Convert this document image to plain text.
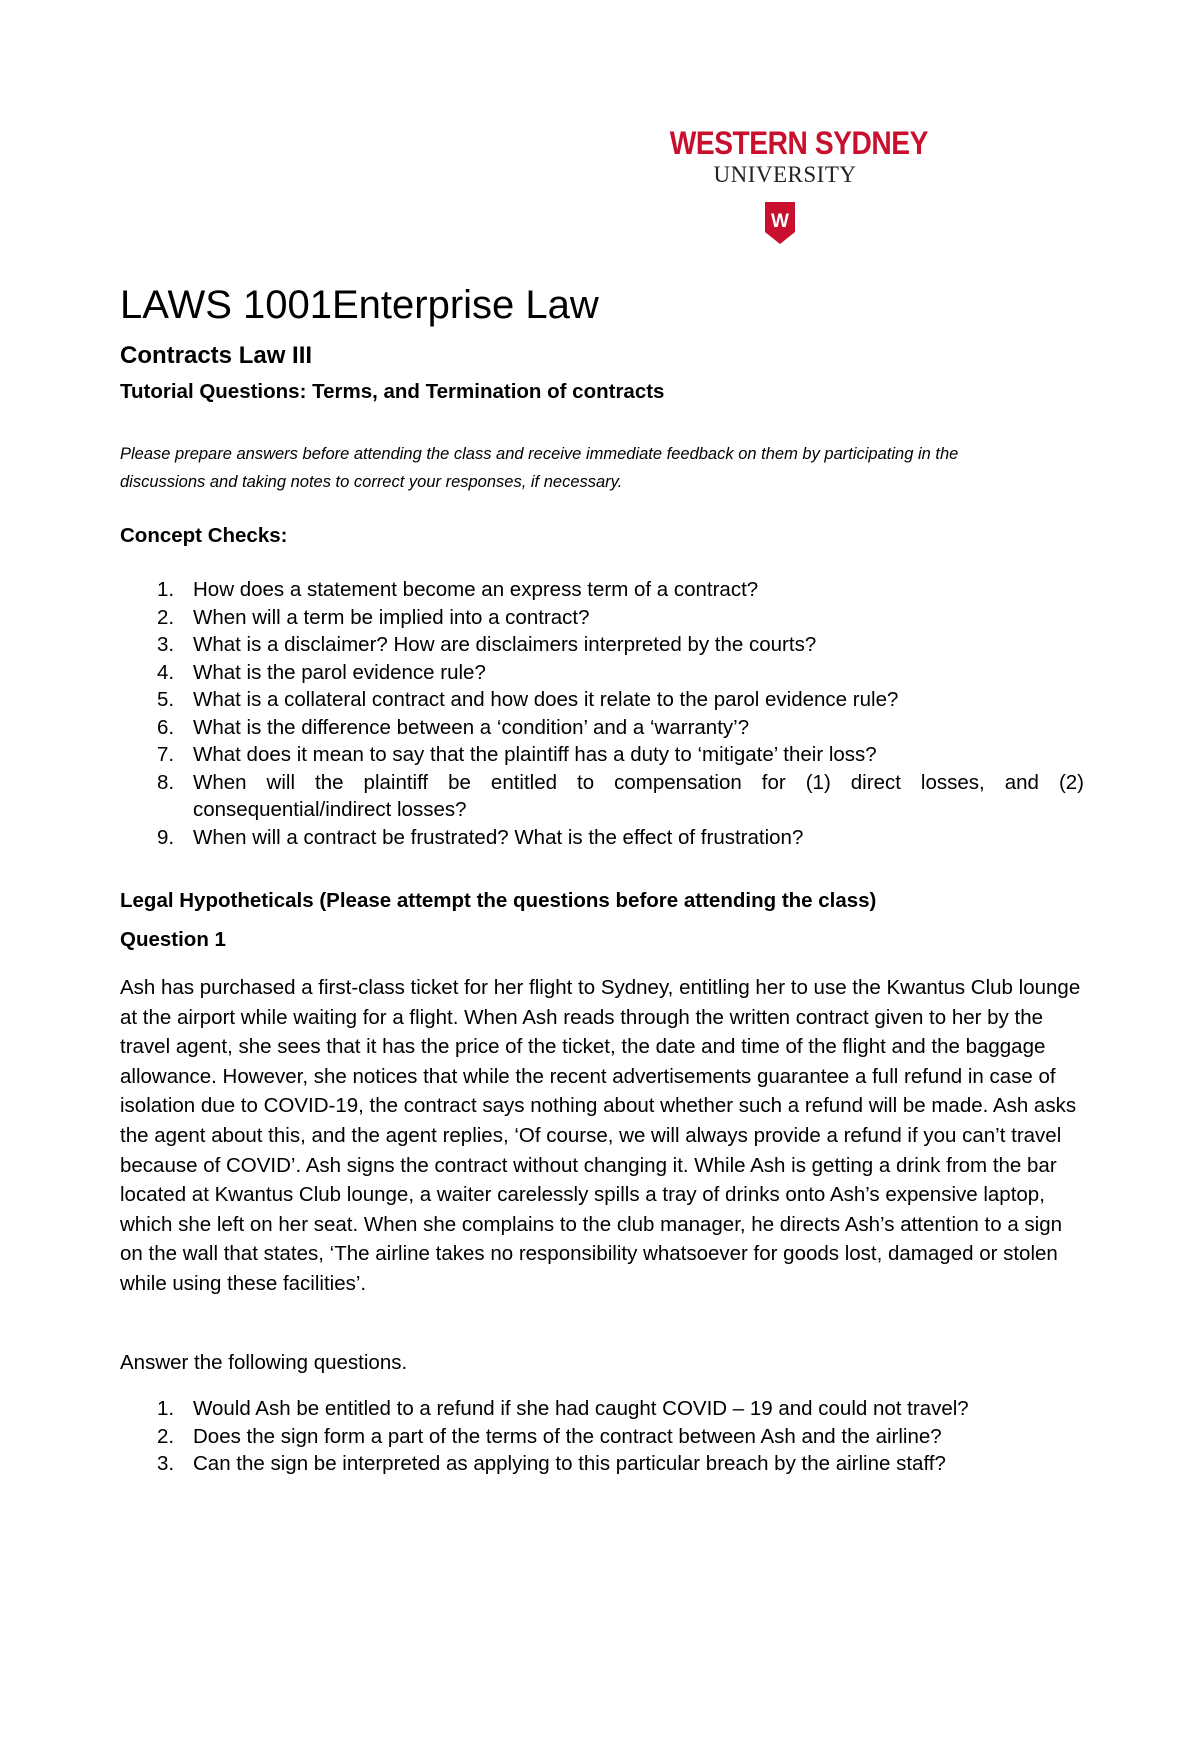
WESTERN SYDNEY
UNIVERSITY
W
LAWS 1001Enterprise Law
Contracts Law III
Tutorial Questions: Terms, and Termination of contracts

Please prepare answers before attending the class and receive immediate feedback on them by participating in the discussions and taking notes to correct your responses, if necessary.

Concept Checks:
1. How does a statement become an express term of a contract?
2. When will a term be implied into a contract?
3. What is a disclaimer? How are disclaimers interpreted by the courts?
4. What is the parol evidence rule?
5. What is a collateral contract and how does it relate to the parol evidence rule?
6. What is the difference between a ‘condition’ and a ‘warranty’?
7. What does it mean to say that the plaintiff has a duty to ‘mitigate’ their loss?
8. When will the plaintiff be entitled to compensation for (1) direct losses, and (2) consequential/indirect losses?
9. When will a contract be frustrated? What is the effect of frustration?
Legal Hypotheticals (Please attempt the questions before attending the class)
Question 1

Ash has purchased a first-class ticket for her flight to Sydney, entitling her to use the Kwantus Club lounge at the airport while waiting for a flight. When Ash reads through the written contract given to her by the travel agent, she sees that it has the price of the ticket, the date and time of the flight and the baggage allowance. However, she notices that while the recent advertisements guarantee a full refund in case of isolation due to COVID-19, the contract says nothing about whether such a refund will be made. Ash asks the agent about this, and the agent replies, ‘Of course, we will always provide a refund if you can’t travel because of COVID’. Ash signs the contract without changing it. While Ash is getting a drink from the bar located at Kwantus Club lounge, a waiter carelessly spills a tray of drinks onto Ash’s expensive laptop, which she left on her seat. When she complains to the club manager, he directs Ash’s attention to a sign on the wall that states, ‘The airline takes no responsibility whatsoever for goods lost, damaged or stolen while using these facilities’.

Answer the following questions.

1. Would Ash be entitled to a refund if she had caught COVID – 19 and could not travel?
2. Does the sign form a part of the terms of the contract between Ash and the airline?
3. Can the sign be interpreted as applying to this particular breach by the airline staff?
